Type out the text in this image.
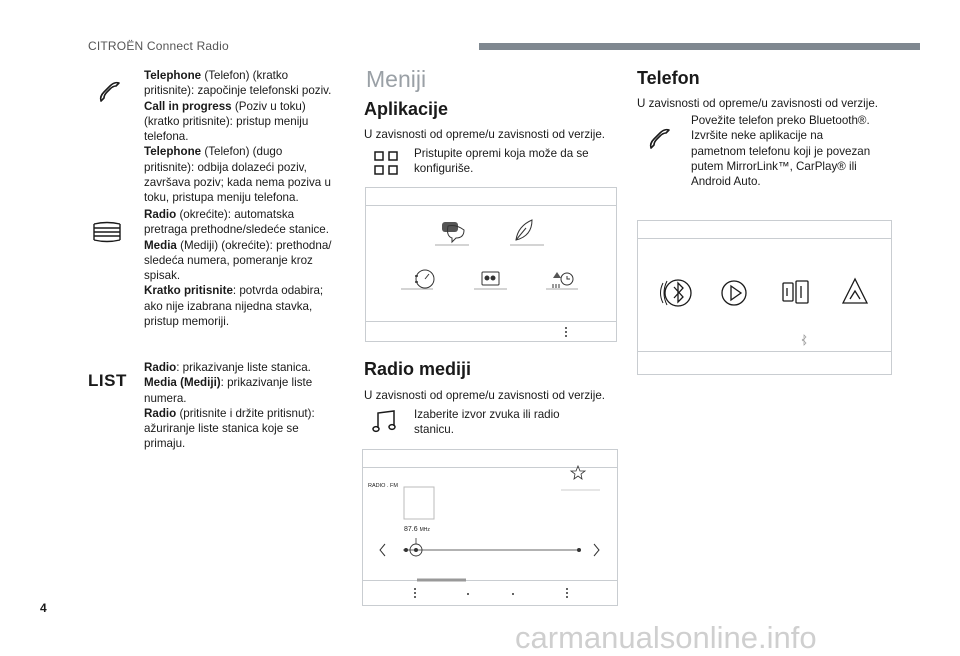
CITROËN Connect Radio
Telephone (Telefon) (kratko
pritisnite): započinje telefonski poziv.
Call in progress (Poziv u toku)
(kratko pritisnite): pristup meniju
telefona.
Telephone (Telefon) (dugo
pritisnite): odbija dolazeći poziv,
završava poziv; kada nema poziva u
toku, pristupa meniju telefona.
Radio (okrećite): automatska
pretraga prethodne/sledeće stanice.
Media (Mediji) (okrećite): prethodna/
sledeća numera, pomeranje kroz
spisak.
Kratko pritisnite: potvrda odabira;
ako nije izabrana nijedna stavka,
pristup memoriji.
LIST
Radio: prikazivanje liste stanica.
Media (Mediji): prikazivanje liste
numera.
Radio (pritisnite i držite pritisnut):
ažuriranje liste stanica koje se
primaju.
Meniji
Aplikacije
U zavisnosti od opreme/u zavisnosti od verzije.
Pristupite opremi koja može da se
konfiguriše.
Radio mediji
U zavisnosti od opreme/u zavisnosti od verzije.
Izaberite izvor zvuka ili radio
stanicu.
RADIO . FM
87.6 MHz
Telefon
U zavisnosti od opreme/u zavisnosti od verzije.
Povežite telefon preko Bluetooth®.
Izvršite neke aplikacije na
pametnom telefonu koji je povezan
putem MirrorLink™, CarPlay® ili
Android Auto.
4
carmanualsonline.info
